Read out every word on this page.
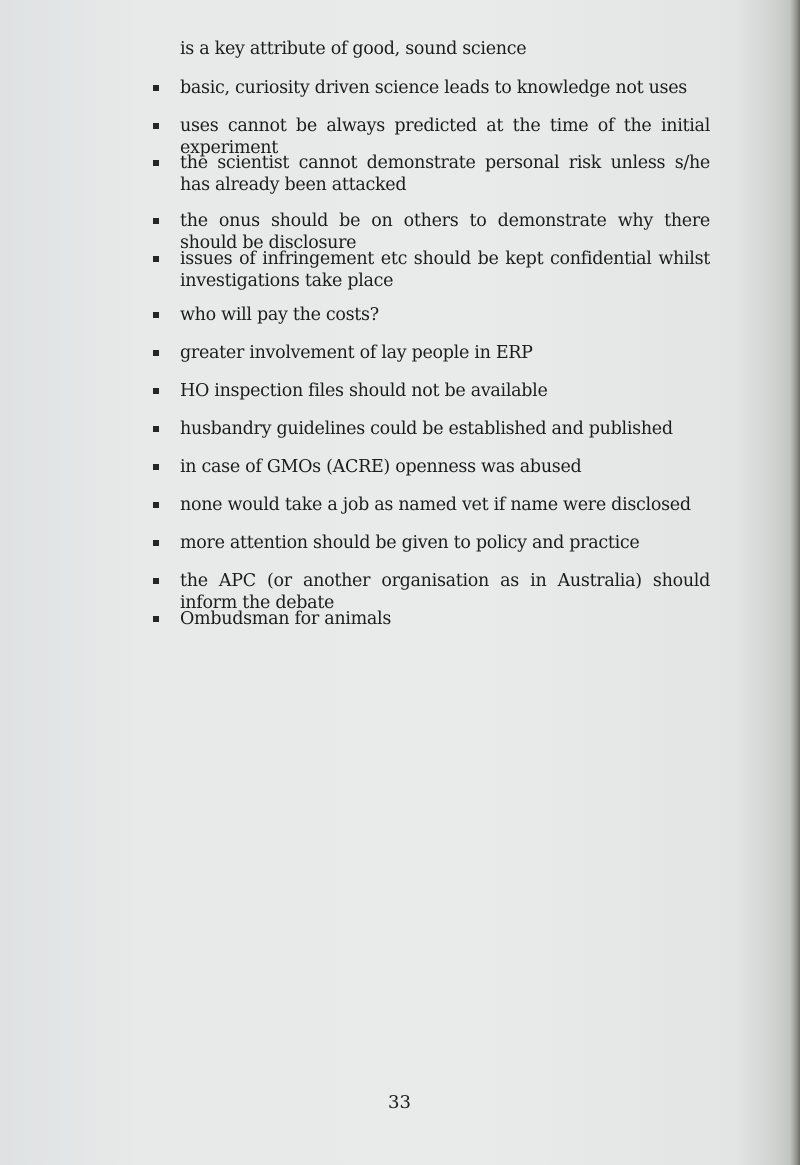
is a key attribute of good, sound science
basic, curiosity driven science leads to knowledge not uses
uses cannot be always predicted at the time of the initial experiment
the scientist cannot demonstrate personal risk unless s/he has already been attacked
the onus should be on others to demonstrate why there should be disclosure
issues of infringement etc should be kept confidential whilst investigations take place
who will pay the costs?
greater involvement of lay people in ERP
HO inspection files should not be available
husbandry guidelines could be established and published
in case of GMOs (ACRE) openness was abused
none would take a job as named vet if name were disclosed
more attention should be given to policy and practice
the APC (or another organisation as in Australia) should inform the debate
Ombudsman for animals
33
